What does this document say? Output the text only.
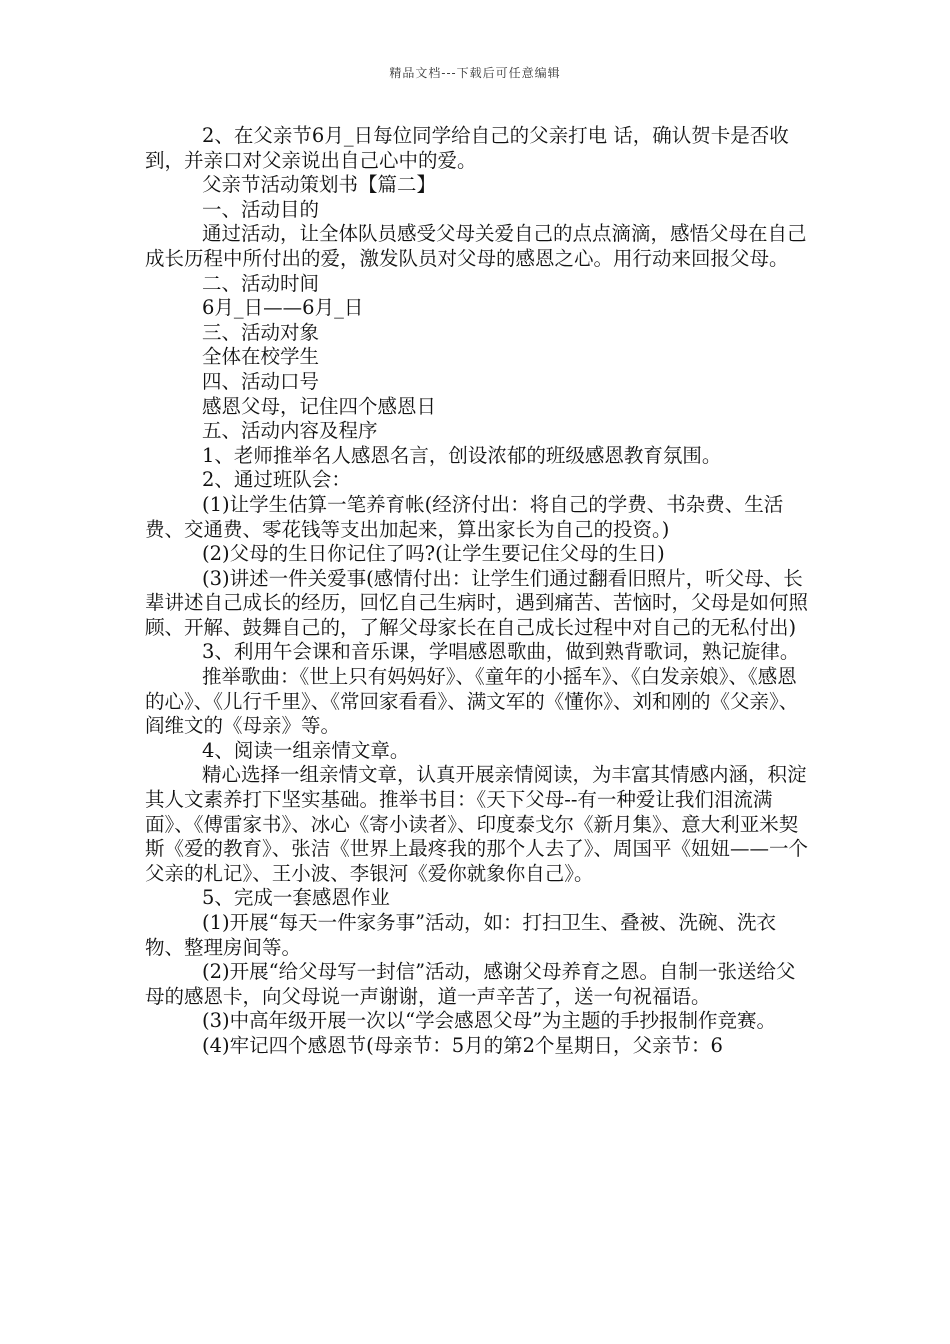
精品文档---下载后可任意编辑

2、在父亲节6月_日每位同学给自己的父亲打电 话，确认贺卡是否收到，并亲口对父亲说出自己心中的爱。

父亲节活动策划书【篇二】

一、活动目的

通过活动，让全体队员感受父母关爱自己的点点滴滴，感悟父母在自己成长历程中所付出的爱，激发队员对父母的感恩之心。用行动来回报父母。

二、活动时间

6月_日——6月_日

三、活动对象

全体在校学生

四、活动口号

感恩父母，记住四个感恩日

五、活动内容及程序

1、老师推举名人感恩名言，创设浓郁的班级感恩教育氛围。

2、通过班队会：

(1)让学生估算一笔养育帐(经济付出：将自己的学费、书杂费、生活费、交通费、零花钱等支出加起来，算出家长为自己的投资。)

(2)父母的生日你记住了吗?(让学生要记住父母的生日)

(3)讲述一件关爱事(感情付出：让学生们通过翻看旧照片，听父母、长辈讲述自己成长的经历，回忆自己生病时，遇到痛苦、苦恼时，父母是如何照顾、开解、鼓舞自己的，了解父母家长在自己成长过程中对自己的无私付出)

3、利用午会课和音乐课，学唱感恩歌曲，做到熟背歌词，熟记旋律。

推举歌曲：《世上只有妈妈好》、《童年的小摇车》、《白发亲娘》、《感恩的心》、《儿行千里》、《常回家看看》、满文军的《懂你》、刘和刚的《父亲》、阎维文的《母亲》等。

4、阅读一组亲情文章。

精心选择一组亲情文章，认真开展亲情阅读，为丰富其情感内涵，积淀其人文素养打下坚实基础。推举书目：《天下父母--有一种爱让我们泪流满面》、《傅雷家书》、冰心《寄小读者》、印度泰戈尔《新月集》、意大利亚米契斯《爱的教育》、张洁《世界上最疼我的那个人去了》、周国平《妞妞——一个父亲的札记》、王小波、李银河《爱你就象你自己》。

5、完成一套感恩作业

(1)开展“每天一件家务事”活动，如：打扫卫生、叠被、洗碗、洗衣物、整理房间等。

(2)开展“给父母写一封信”活动，感谢父母养育之恩。自制一张送给父母的感恩卡，向父母说一声谢谢，道一声辛苦了，送一句祝福语。

(3)中高年级开展一次以“学会感恩父母”为主题的手抄报制作竞赛。

(4)牢记四个感恩节(母亲节：5月的第2个星期日，父亲节：6
